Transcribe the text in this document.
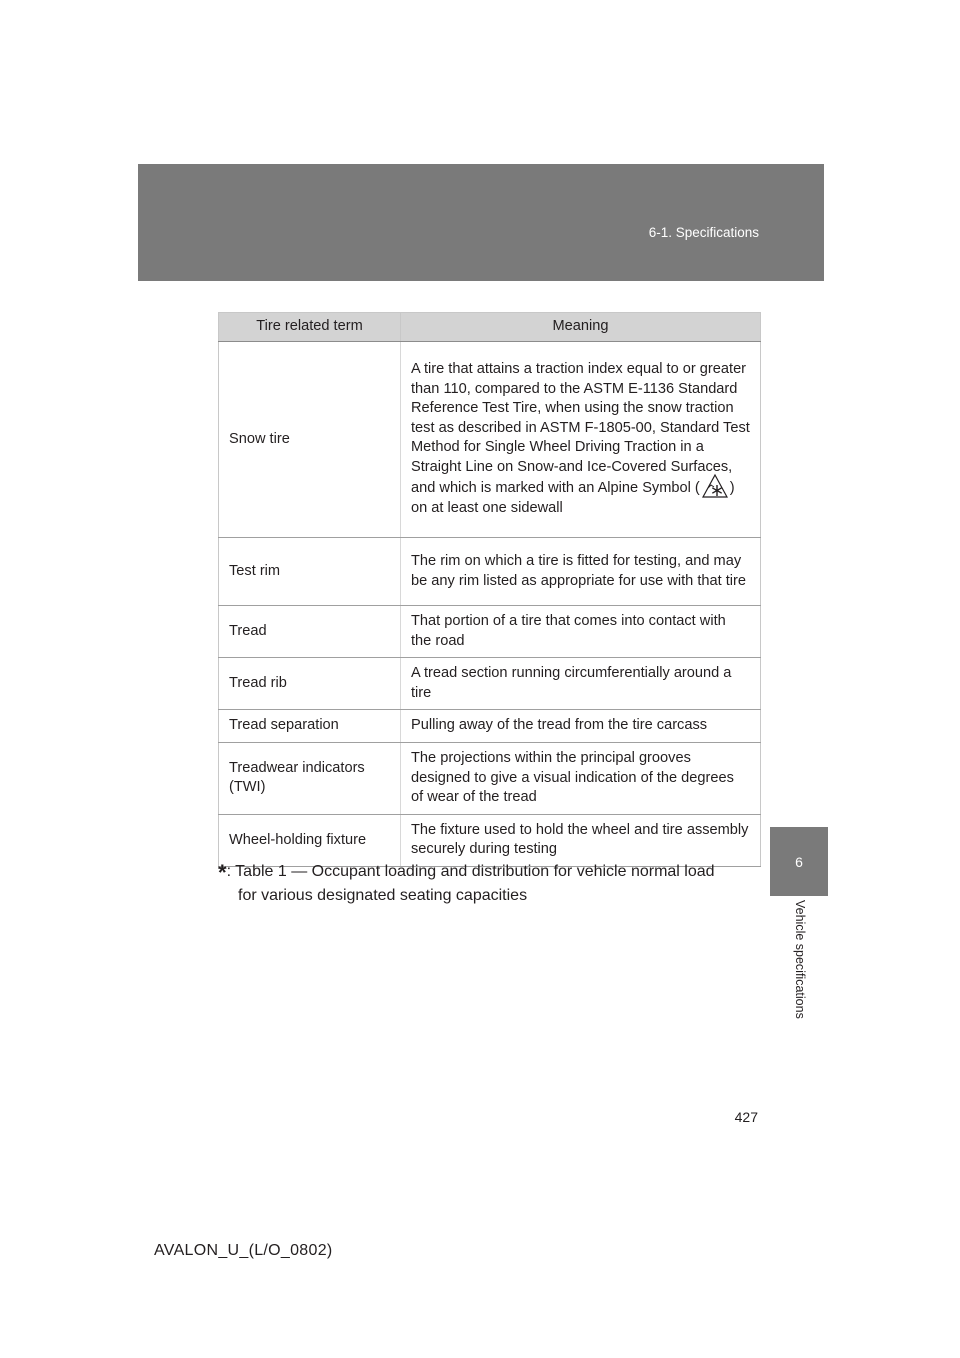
6-1. Specifications
6
Vehicle specifications
Tire related term	Meaning
Snow tire	A tire that attains a traction index equal to or greater than 110, compared to the ASTM E-1136 Standard Reference Test Tire, when using the snow traction test as described in ASTM F-1805-00, Standard Test Method for Single Wheel Driving Traction in a Straight Line on Snow-and Ice-Covered Surfaces, and which is marked with an Alpine Symbol ( ) on at least one sidewall
Test rim	The rim on which a tire is fitted for testing, and may be any rim listed as appropriate for use with that tire
Tread	That portion of a tire that comes into contact with the road
Tread rib	A tread section running circumferentially around a tire
Tread separation	Pulling away of the tread from the tire carcass
Treadwear indicators (TWI)	The projections within the principal grooves designed to give a visual indication of the degrees of wear of the tread
Wheel-holding fixture	The fixture used to hold the wheel and tire assembly securely during testing
*: Table 1 — Occupant loading and distribution for vehicle normal load
for various designated seating capacities
427
AVALON_U_(L/O_0802)
